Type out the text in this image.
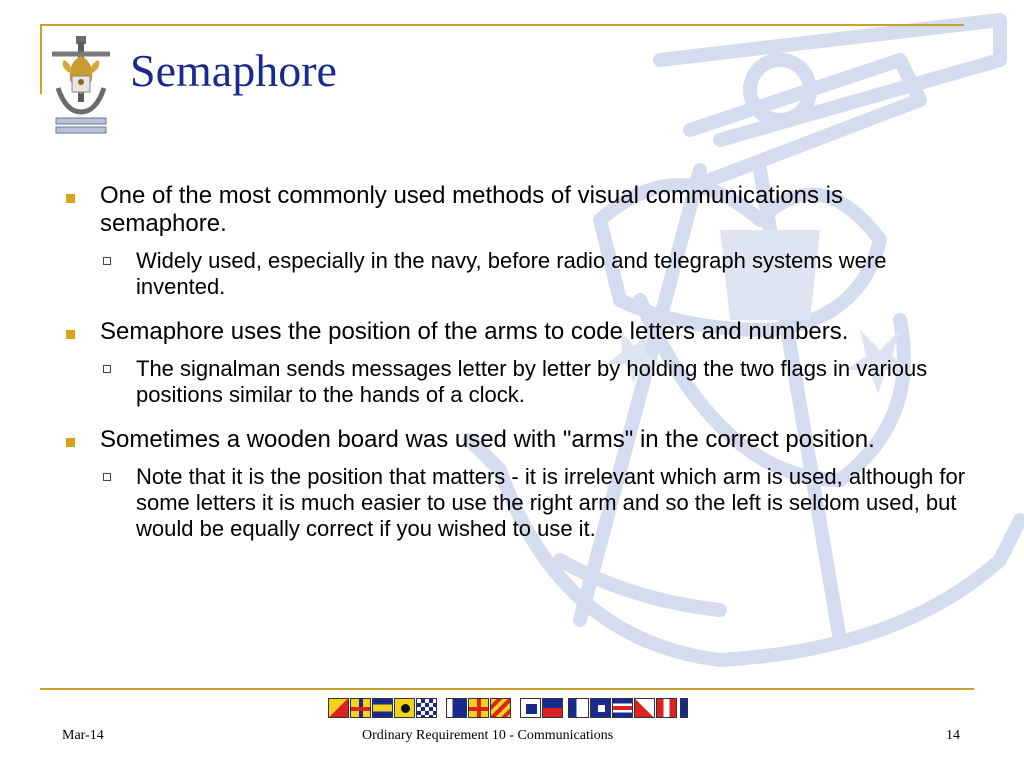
Semaphore
One of the most commonly used methods of visual communications is semaphore.
Widely used, especially in the navy, before radio and telegraph systems were invented.
Semaphore uses the position of the arms to code letters and numbers.
The signalman sends messages letter by letter by holding the two flags in various positions similar to the hands of a clock.
Sometimes a wooden board was used with "arms" in the correct position.
Note that it is the position that matters - it is irrelevant which arm is used, although for some letters it is much easier to use the right arm and so the left is seldom used, but would be equally correct if you wished to use it.
Mar-14	Ordinary Requirement 10 - Communications	14
